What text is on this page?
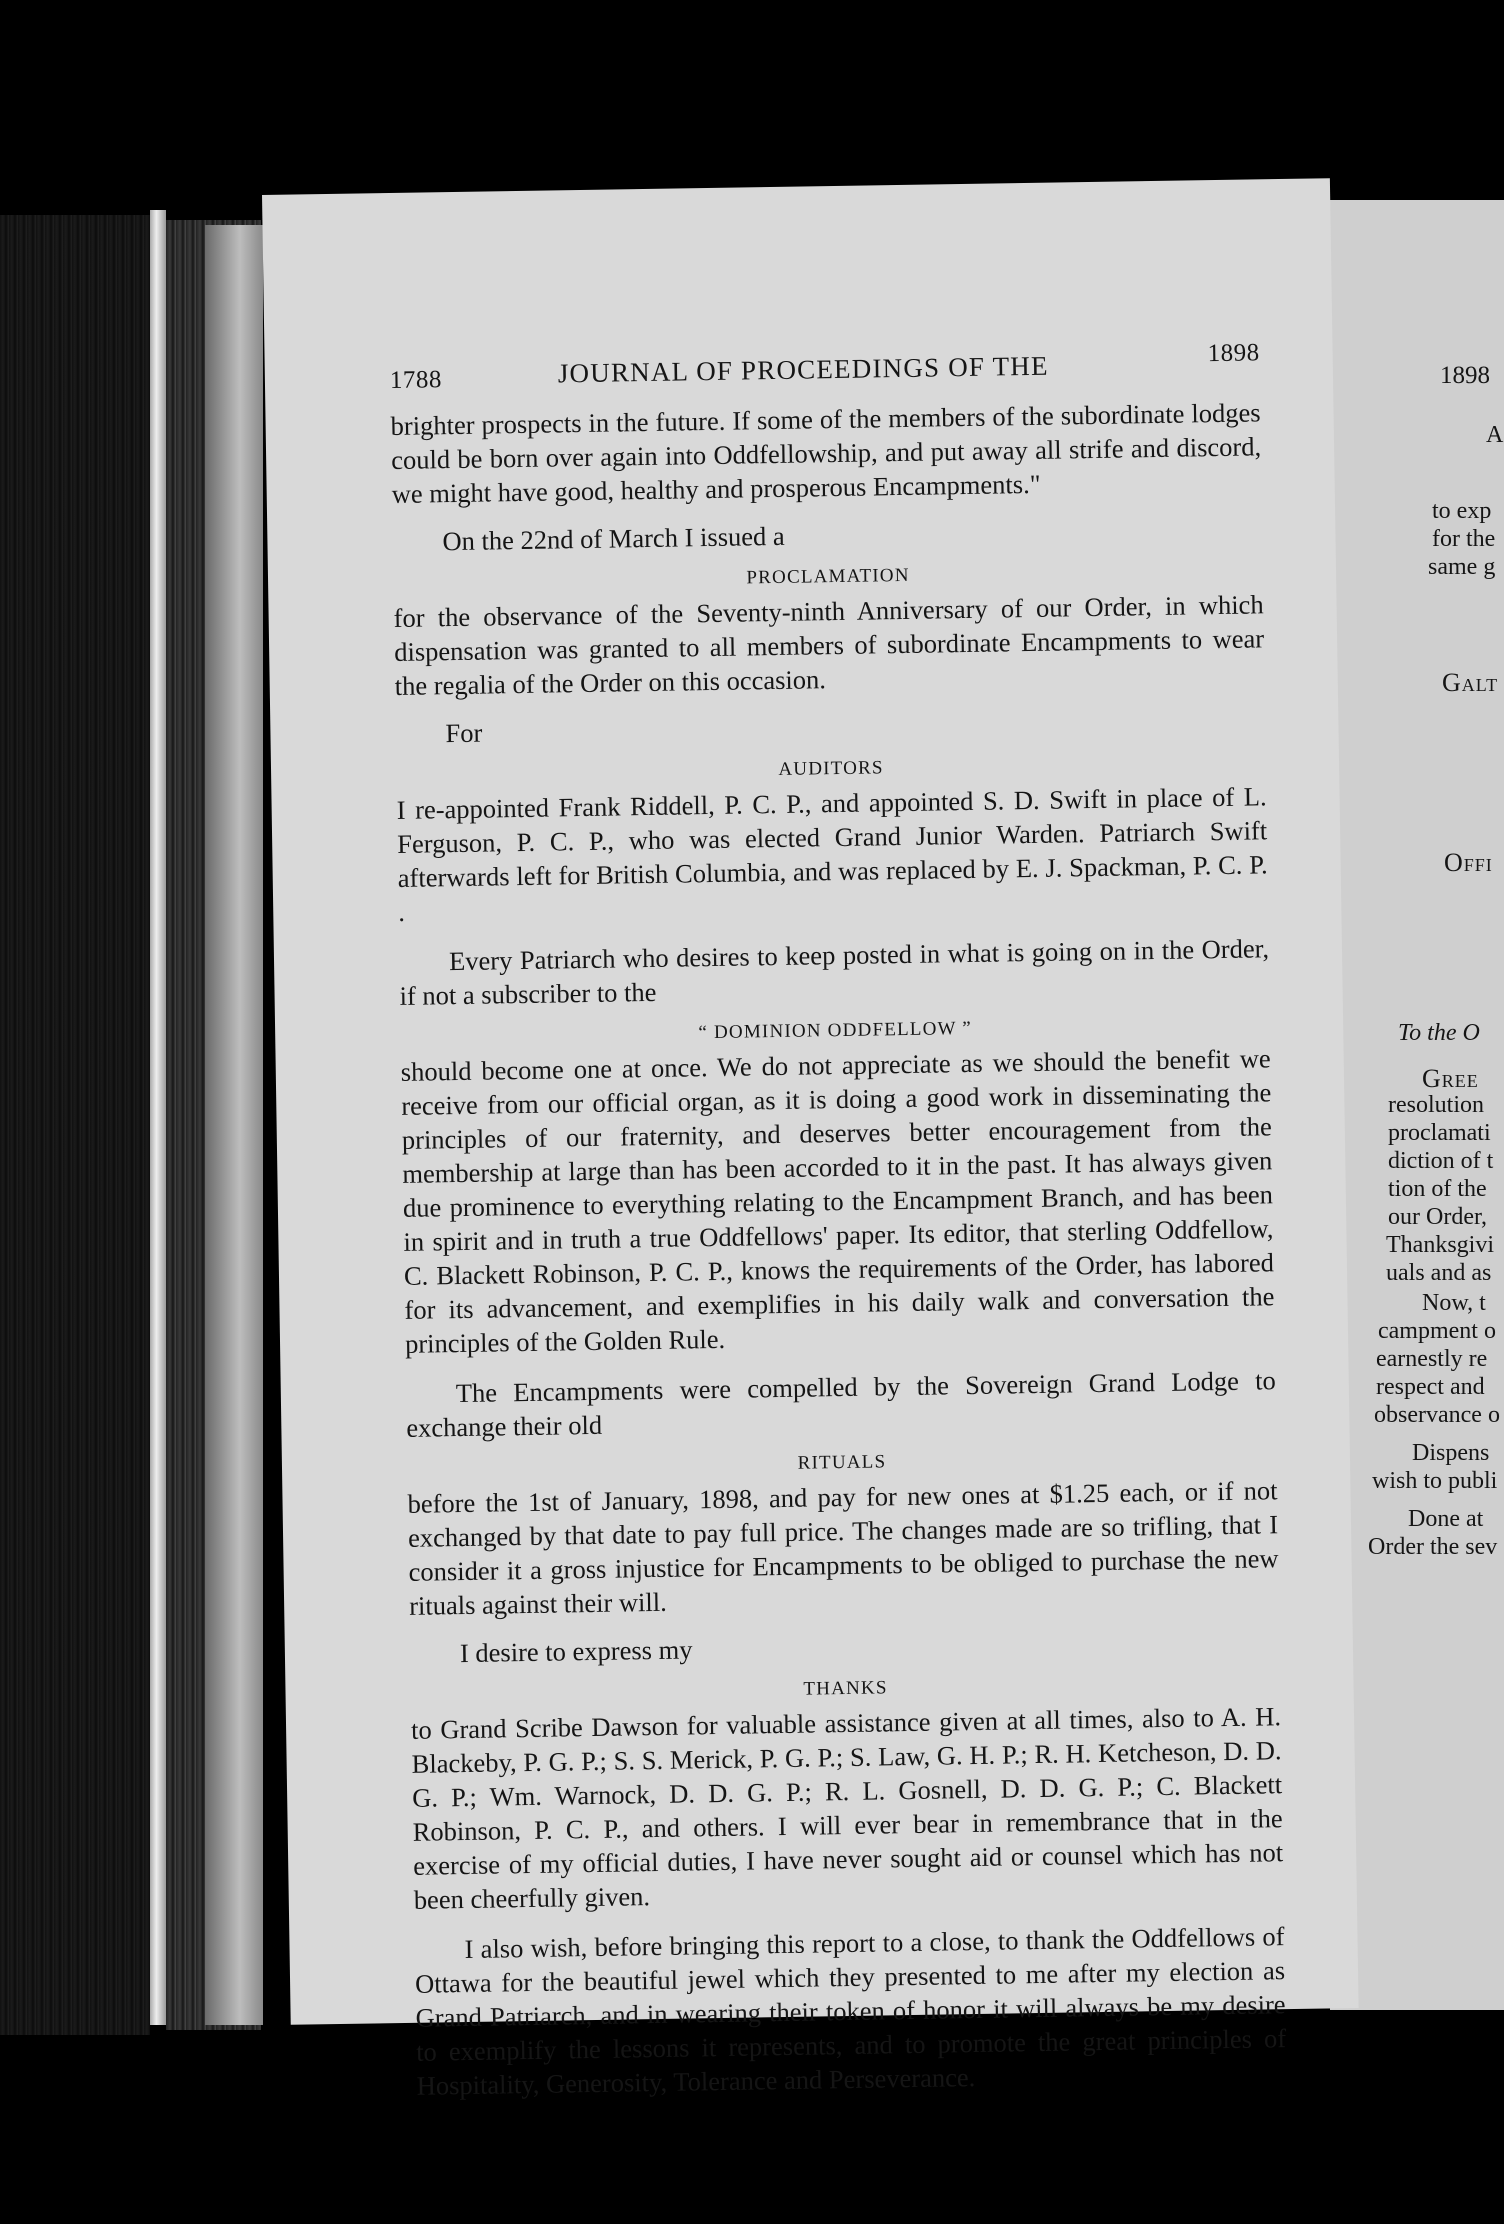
1788	JOURNAL OF PROCEEDINGS OF THE	1898

brighter prospects in the future. If some of the members of the subordinate lodges could be born over again into Oddfellowship, and put away all strife and discord, we might have good, healthy and prosperous Encampments."

On the 22nd of March I issued a

PROCLAMATION

for the observance of the Seventy-ninth Anniversary of our Order, in which dispensation was granted to all members of subordinate Encampments to wear the regalia of the Order on this occasion.

For

AUDITORS

I re-appointed Frank Riddell, P. C. P., and appointed S. D. Swift in place of L. Ferguson, P. C. P., who was elected Grand Junior Warden. Patriarch Swift afterwards left for British Columbia, and was replaced by E. J. Spackman, P. C. P. .

Every Patriarch who desires to keep posted in what is going on in the Order, if not a subscriber to the

“ DOMINION ODDFELLOW ”

should become one at once. We do not appreciate as we should the benefit we receive from our official organ, as it is doing a good work in disseminating the principles of our fraternity, and deserves better encouragement from the membership at large than has been accorded to it in the past. It has always given due prominence to everything relating to the Encampment Branch, and has been in spirit and in truth a true Oddfellows' paper. Its editor, that sterling Oddfellow, C. Blackett Robinson, P. C. P., knows the requirements of the Order, has labored for its advancement, and exemplifies in his daily walk and conversation the principles of the Golden Rule.

The Encampments were compelled by the Sovereign Grand Lodge to exchange their old

RITUALS

before the 1st of January, 1898, and pay for new ones at $1.25 each, or if not exchanged by that date to pay full price. The changes made are so trifling, that I consider it a gross injustice for Encampments to be obliged to purchase the new rituals against their will.

I desire to express my

THANKS

to Grand Scribe Dawson for valuable assistance given at all times, also to A. H. Blackeby, P. G. P.; S. S. Merick, P. G. P.; S. Law, G. H. P.; R. H. Ketcheson, D. D. G. P.; Wm. Warnock, D. D. G. P.; R. L. Gosnell, D. D. G. P.; C. Blackett Robinson, P. C. P., and others. I will ever bear in remembrance that in the exercise of my official duties, I have never sought aid or counsel which has not been cheerfully given.

I also wish, before bringing this report to a close, to thank the Oddfellows of Ottawa for the beautiful jewel which they presented to me after my election as Grand Patriarch, and in wearing their token of honor it will always be my desire to exemplify the lessons it represents, and to promote the great principles of Hospitality, Generosity, Tolerance and Perseverance.

1898
A
to exp
for the
same g
Galt
Offi
To the O
Gree
resolution
proclamati
diction of t
tion of the
our Order,
Thanksgivi
uals and as
Now, t
campment o
earnestly re
respect and
observance o
Dispens
wish to publi
Done at
Order the sev
